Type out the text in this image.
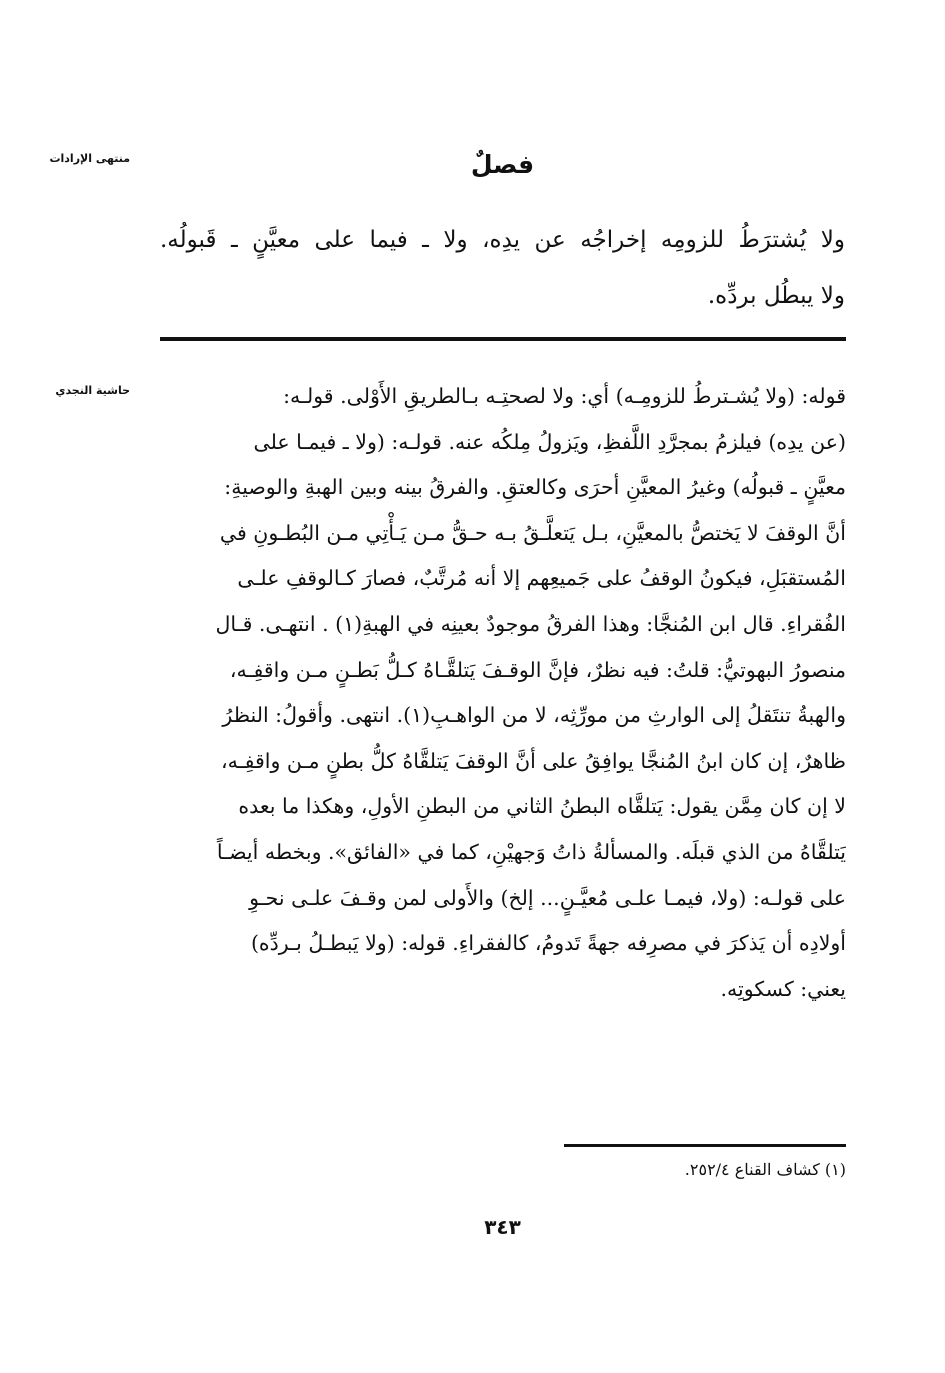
منتهى الإرادات
حاشية النجدي
فصلٌ
ولا يُشترَطُ للزومِه إخراجُه عن يدِه، ولا ـ فيما على معيَّنٍ ـ قَبولُه.
ولا يبطُل بردِّه.
قوله: (ولا يُشـترطُ للزومِـه) أي: ولا لصحتِـه بـالطريقِ الأَوْلى. قولـه:
(عن يدِه) فيلزمُ بمجرَّدِ اللَّفظِ، ويَزولُ مِلكُه عنه. قولـه: (ولا ـ فيمـا على
معيَّنٍ ـ قبولُه) وغيرُ المعيَّنِ أحرَى وكالعتقِ. والفرقُ بينه وبين الهبةِ والوصيةِ:
أنَّ الوقفَ لا يَختصُّ بالمعيَّنِ، بـل يَتعلَّـقُ بـه حـقُّ مـن يَـأْتِي مـن البُطـونِ في
المُستقبَلِ، فيكونُ الوقفُ على جَميعِهم إلا أنه مُرتَّبٌ، فصارَ كـالوقفِ علـى
الفُقراءِ. قال ابن المُنجَّا: وهذا الفرقُ موجودٌ بعينِه في الهبةِ(١) . انتهـى. قـال
منصورُ البهوتيُّ: قلتُ: فيه نظرٌ، فإنَّ الوقـفَ يَتلقَّـاهُ كـلُّ بَطـنٍ مـن واقفِـه،
والهبةُ تنتَقلُ إلى الوارثِ من مورِّثِه، لا من الواهـبِ(١). انتهى. وأقولُ: النظرُ
ظاهرٌ، إن كان ابنُ المُنجَّا يوافِقُ على أنَّ الوقفَ يَتلقَّاهُ كلُّ بطنٍ مـن واقفِـه،
لا إن كان مِمَّن يقول: يَتلقَّاه البطنُ الثاني من البطنِ الأولِ، وهكذا ما بعده
يَتلقَّاهُ من الذي قبلَه. والمسألةُ ذاتُ وَجهيْنِ، كما في «الفائق». وبخطه أيضـاً
على قولـه: (ولا، فيمـا علـى مُعيَّـنٍ... إلخ) والأَولى لمن وقـفَ علـى نحـوِ
أولادِه أن يَذكرَ في مصرِفه جهةً تَدومُ، كالفقراءِ. قوله: (ولا يَبطـلُ بـردِّه)
يعني: كسكوتِه.
(١) كشاف القناع ٢٥٢/٤.
٣٤٣
